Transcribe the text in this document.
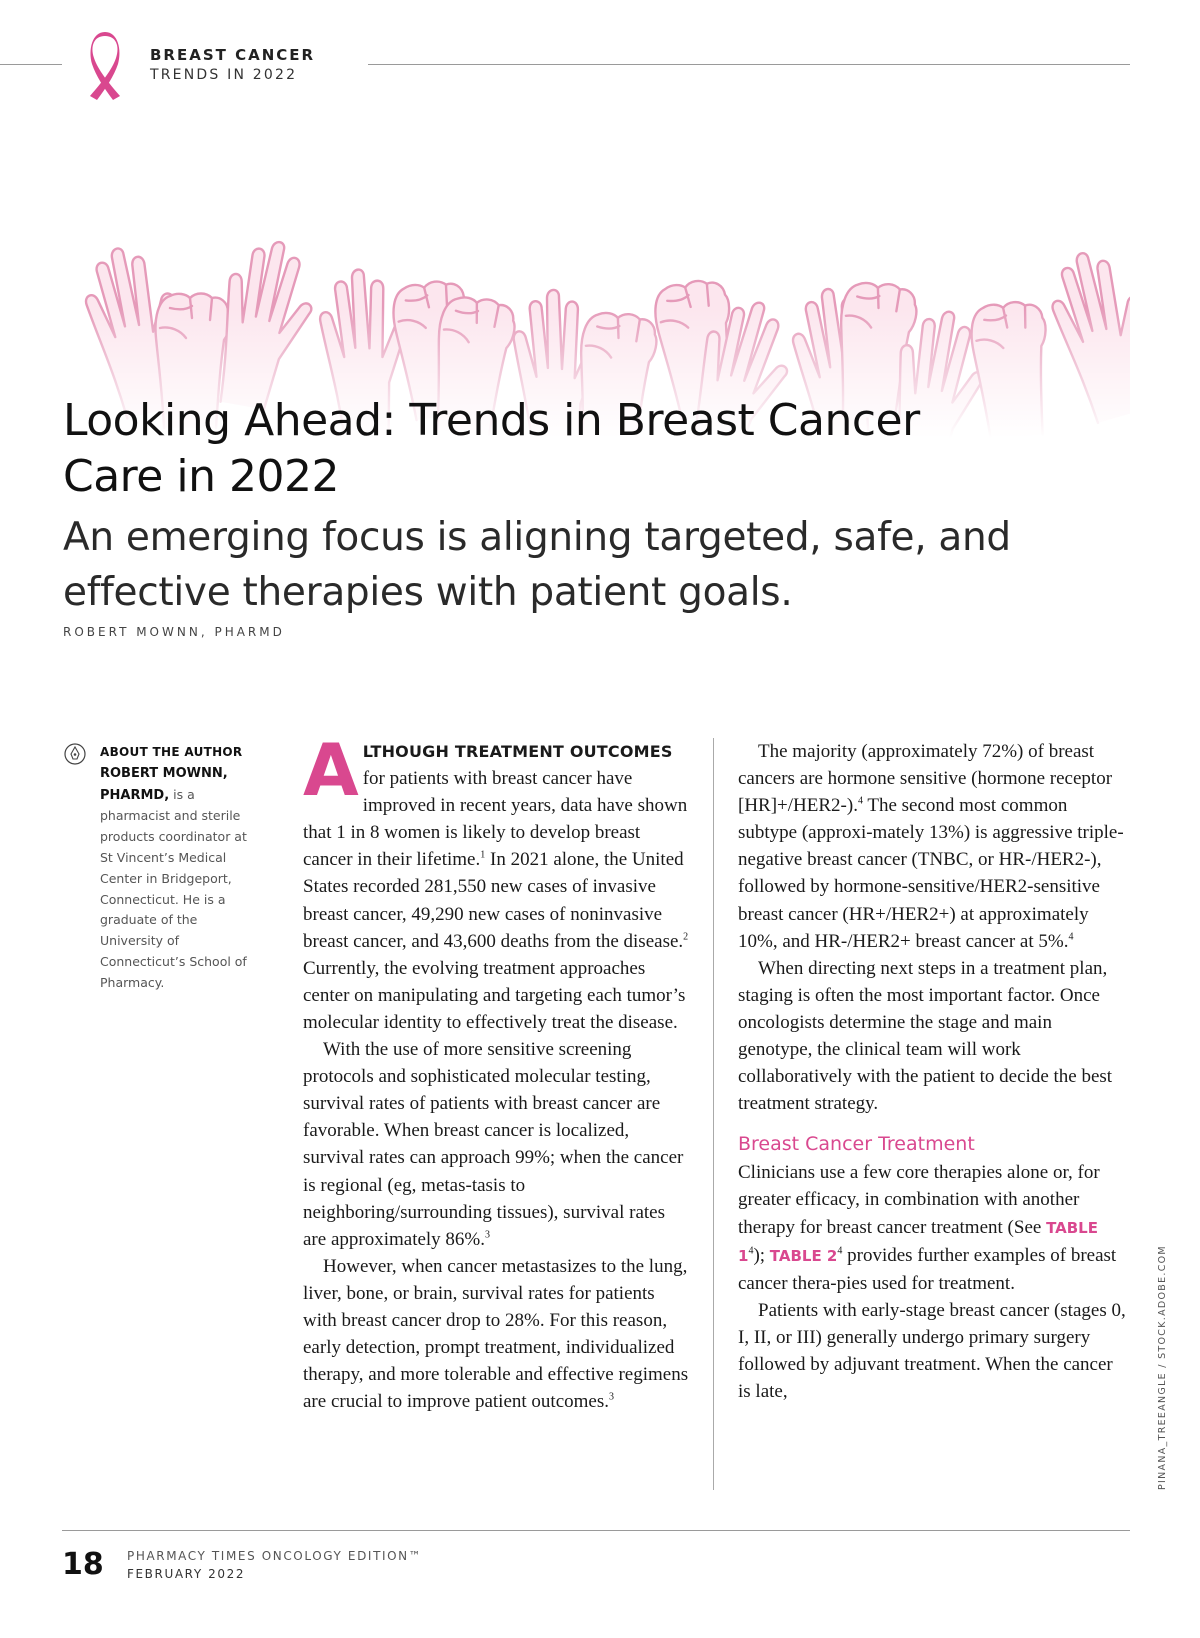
BREAST CANCER
TRENDS IN 2022
Looking Ahead: Trends in Breast Cancer Care in 2022
An emerging focus is aligning targeted, safe, and effective therapies with patient goals.
ROBERT MOWNN, PHARMD
ABOUT THE AUTHOR
ROBERT MOWNN, PHARMD, is a pharmacist and sterile products coordinator at St Vincent’s Medical Center in Bridgeport, Connecticut. He is a graduate of the University of Connecticut’s School of Pharmacy.

ALTHOUGH TREATMENT OUTCOMES for patients with breast cancer have improved in recent years, data have shown that 1 in 8 women is likely to develop breast cancer in their lifetime.$^1$ In 2021 alone, the United States recorded 281,550 new cases of invasive breast cancer, 49,290 new cases of noninvasive breast cancer, and 43,600 deaths from the disease.$^2$ Currently, the evolving treatment approaches center on manipulating and targeting each tumor’s molecular identity to effectively treat the disease.

With the use of more sensitive screening protocols and sophisticated molecular testing, survival rates of patients with breast cancer are favorable. When breast cancer is localized, survival rates can approach 99%; when the cancer is regional (eg, metas-tasis to neighboring/surrounding tissues), survival rates are approximately 86%.$^3$

However, when cancer metastasizes to the lung, liver, bone, or brain, survival rates for patients with breast cancer drop to 28%. For this reason, early detection, prompt treatment, individualized therapy, and more tolerable and effective regimens are crucial to improve patient outcomes.$^3$

The majority (approximately 72%) of breast cancers are hormone sensitive (hormone receptor [HR]+/HER2-).$^4$ The second most common subtype (approxi-mately 13%) is aggressive triple-negative breast cancer (TNBC, or HR-/HER2-), followed by hormone-sensitive/HER2-sensitive breast cancer (HR+/HER2+) at approximately 10%, and HR-/HER2+ breast cancer at 5%.$^4$

When directing next steps in a treatment plan, staging is often the most important factor. Once oncologists determine the stage and main genotype, the clinical team will work collaboratively with the patient to decide the best treatment strategy.

Breast Cancer Treatment

Clinicians use a few core therapies alone or, for greater efficacy, in combination with another therapy for breast cancer treatment (See TABLE $1^4$); TABLE $2^4$ provides further examples of breast cancer thera-pies used for treatment.

Patients with early-stage breast cancer (stages 0, I, II, or III) generally undergo primary surgery followed by adjuvant treatment. When the cancer is late,	PINANA_TREEANGLE / STOCK.ADOBE.COM
18 PHARMACY TIMES ONCOLOGY EDITION™
FEBRUARY 2022
